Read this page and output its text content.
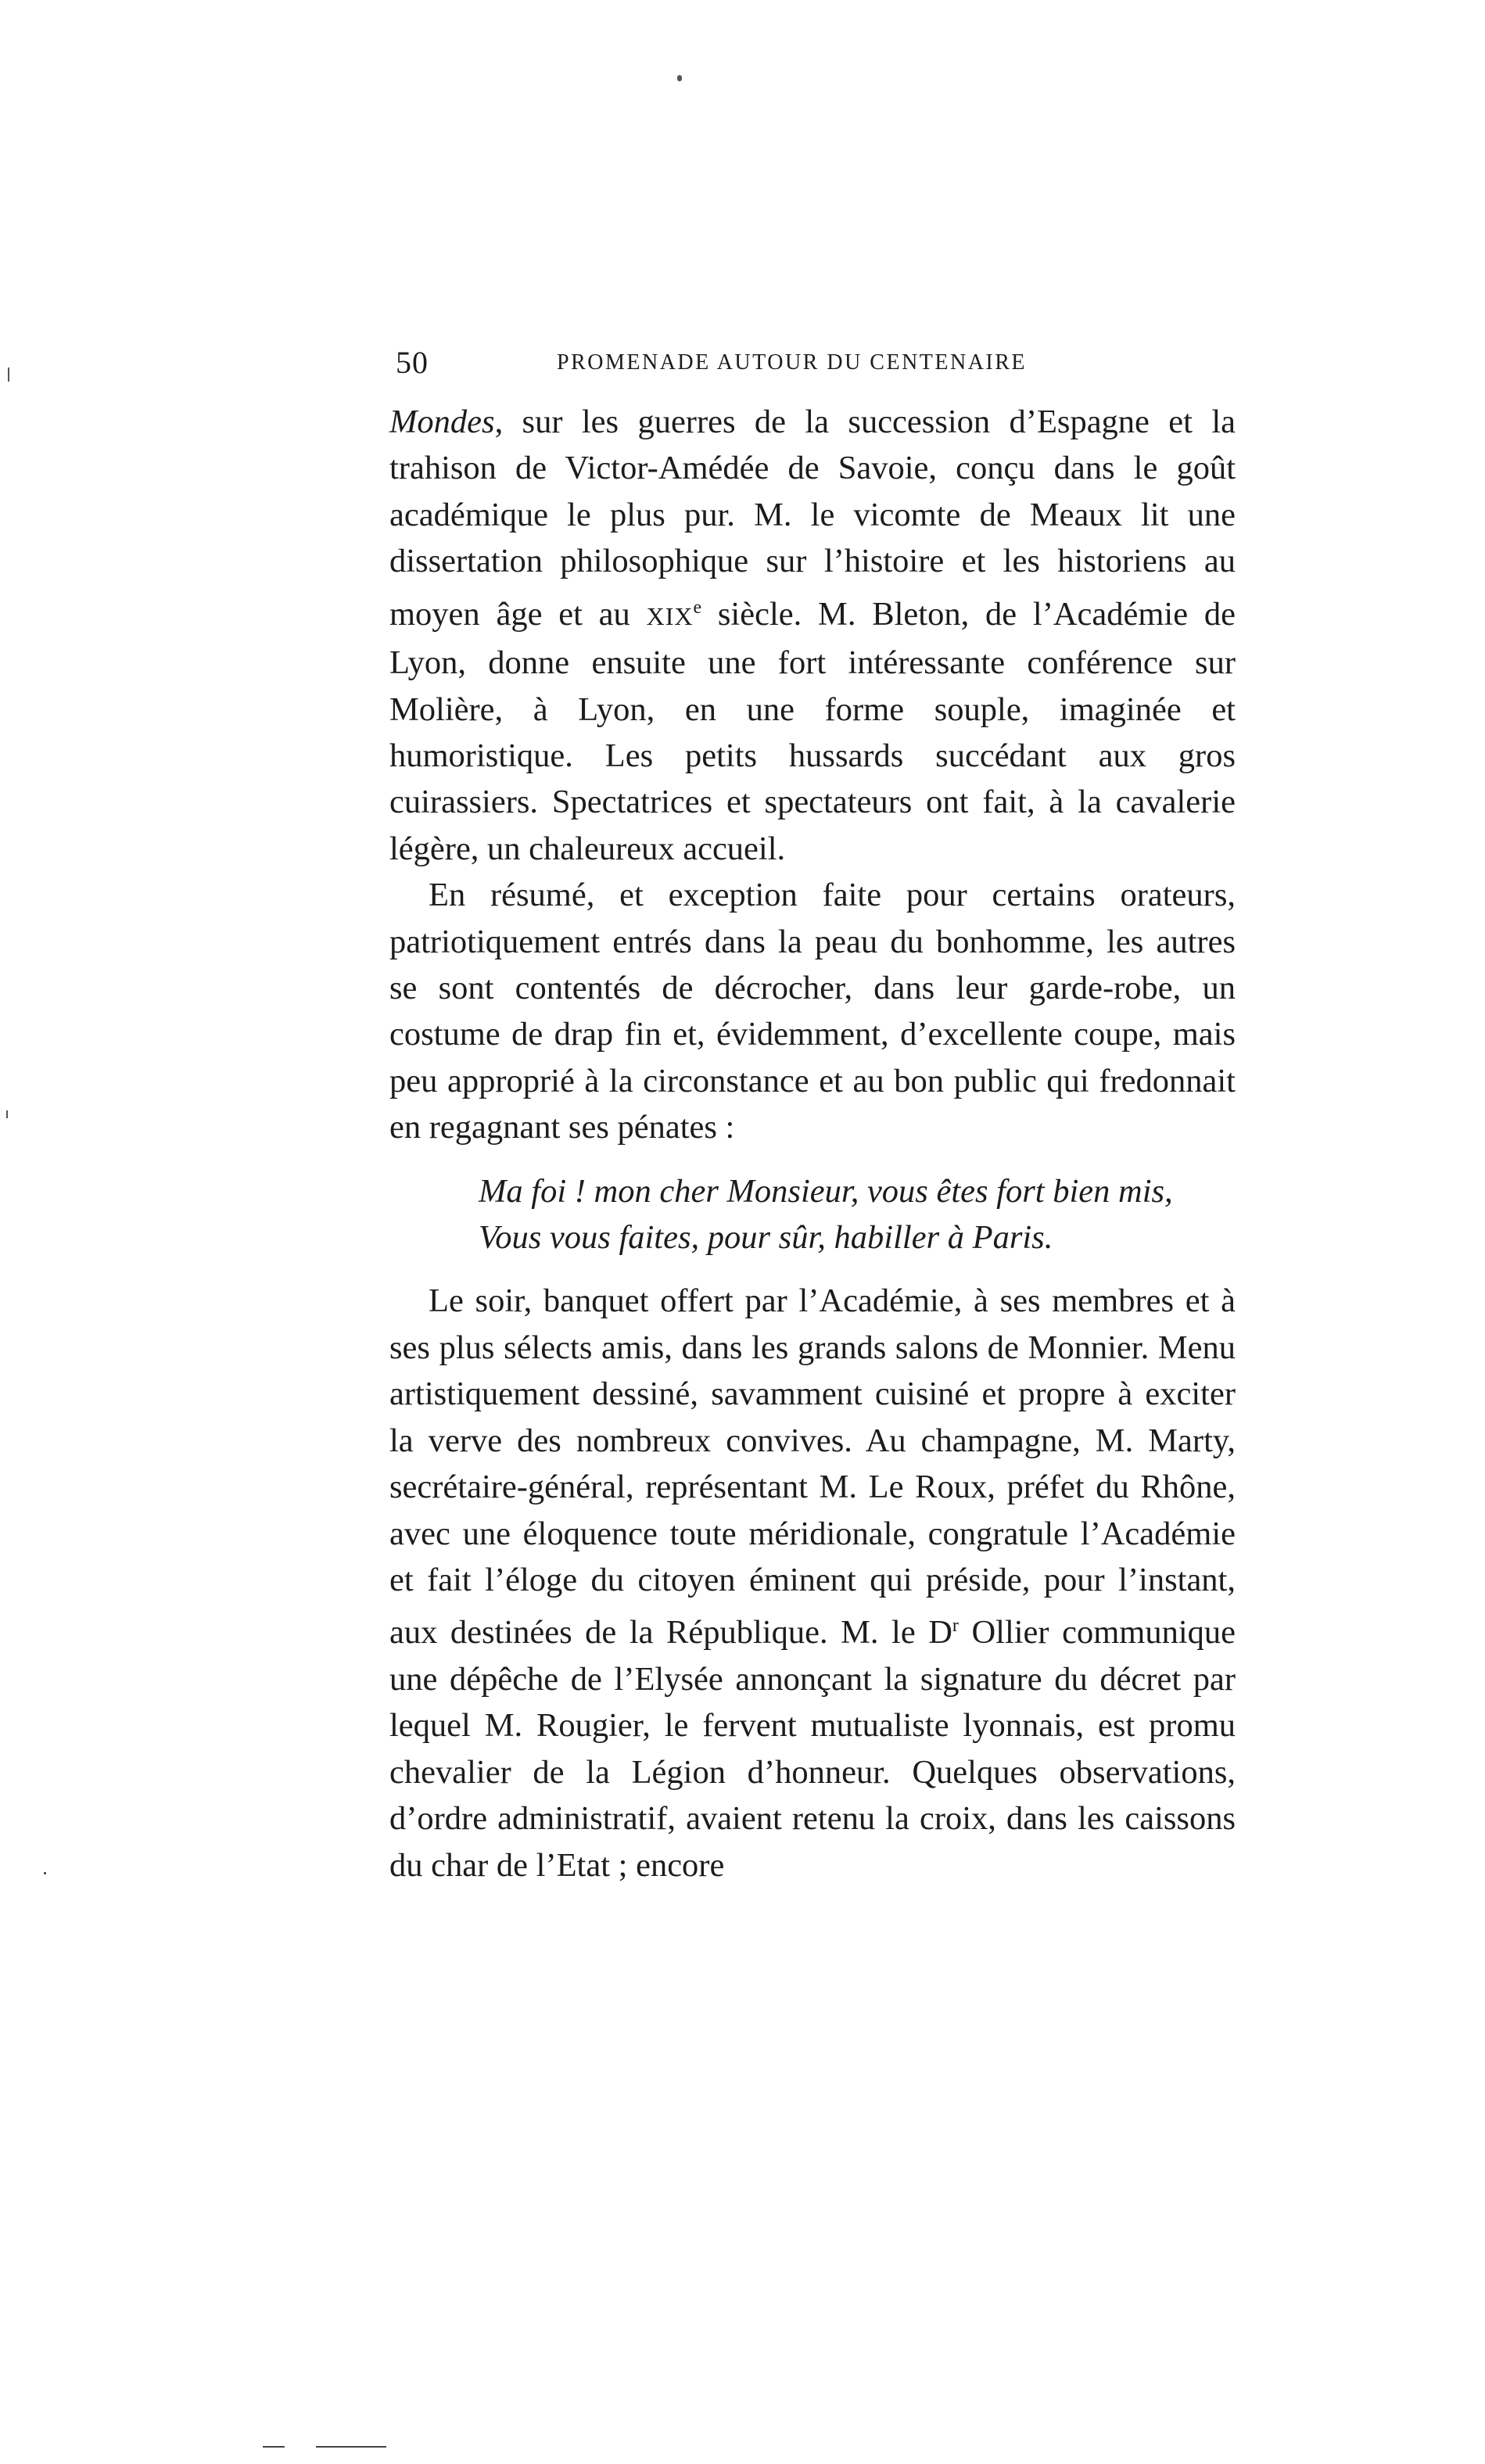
50	PROMENADE AUTOUR DU CENTENAIRE

Mondes, sur les guerres de la succession d’Espagne et la trahison de Victor-Amédée de Savoie, conçu dans le goût académique le plus pur. M. le vicomte de Meaux lit une dissertation philosophique sur l’histoire et les historiens au moyen âge et au XIXe siècle. M. Bleton, de l’Académie de Lyon, donne ensuite une fort intéressante conférence sur Molière, à Lyon, en une forme souple, imaginée et humoristique. Les petits hussards succédant aux gros cuirassiers. Spectatrices et spectateurs ont fait, à la cavalerie légère, un chaleureux accueil.

En résumé, et exception faite pour certains orateurs, patriotiquement entrés dans la peau du bonhomme, les autres se sont contentés de décrocher, dans leur garde-robe, un costume de drap fin et, évidemment, d’excellente coupe, mais peu approprié à la circonstance et au bon public qui fredonnait en regagnant ses pénates :

Ma foi ! mon cher Monsieur, vous êtes fort bien mis,
Vous vous faites, pour sûr, habiller à Paris.

Le soir, banquet offert par l’Académie, à ses membres et à ses plus sélects amis, dans les grands salons de Monnier. Menu artistiquement dessiné, savamment cuisiné et propre à exciter la verve des nombreux convives. Au champagne, M. Marty, secrétaire-général, représentant M. Le Roux, préfet du Rhône, avec une éloquence toute méridionale, congratule l’Académie et fait l’éloge du citoyen éminent qui préside, pour l’instant, aux destinées de la République. M. le $D^r$ Ollier communique une dépêche de l’Elysée annonçant la signature du décret par lequel M. Rougier, le fervent mutualiste lyonnais, est promu chevalier de la Légion d’honneur. Quelques observations, d’ordre administratif, avaient retenu la croix, dans les caissons du char de l’Etat ; encore
